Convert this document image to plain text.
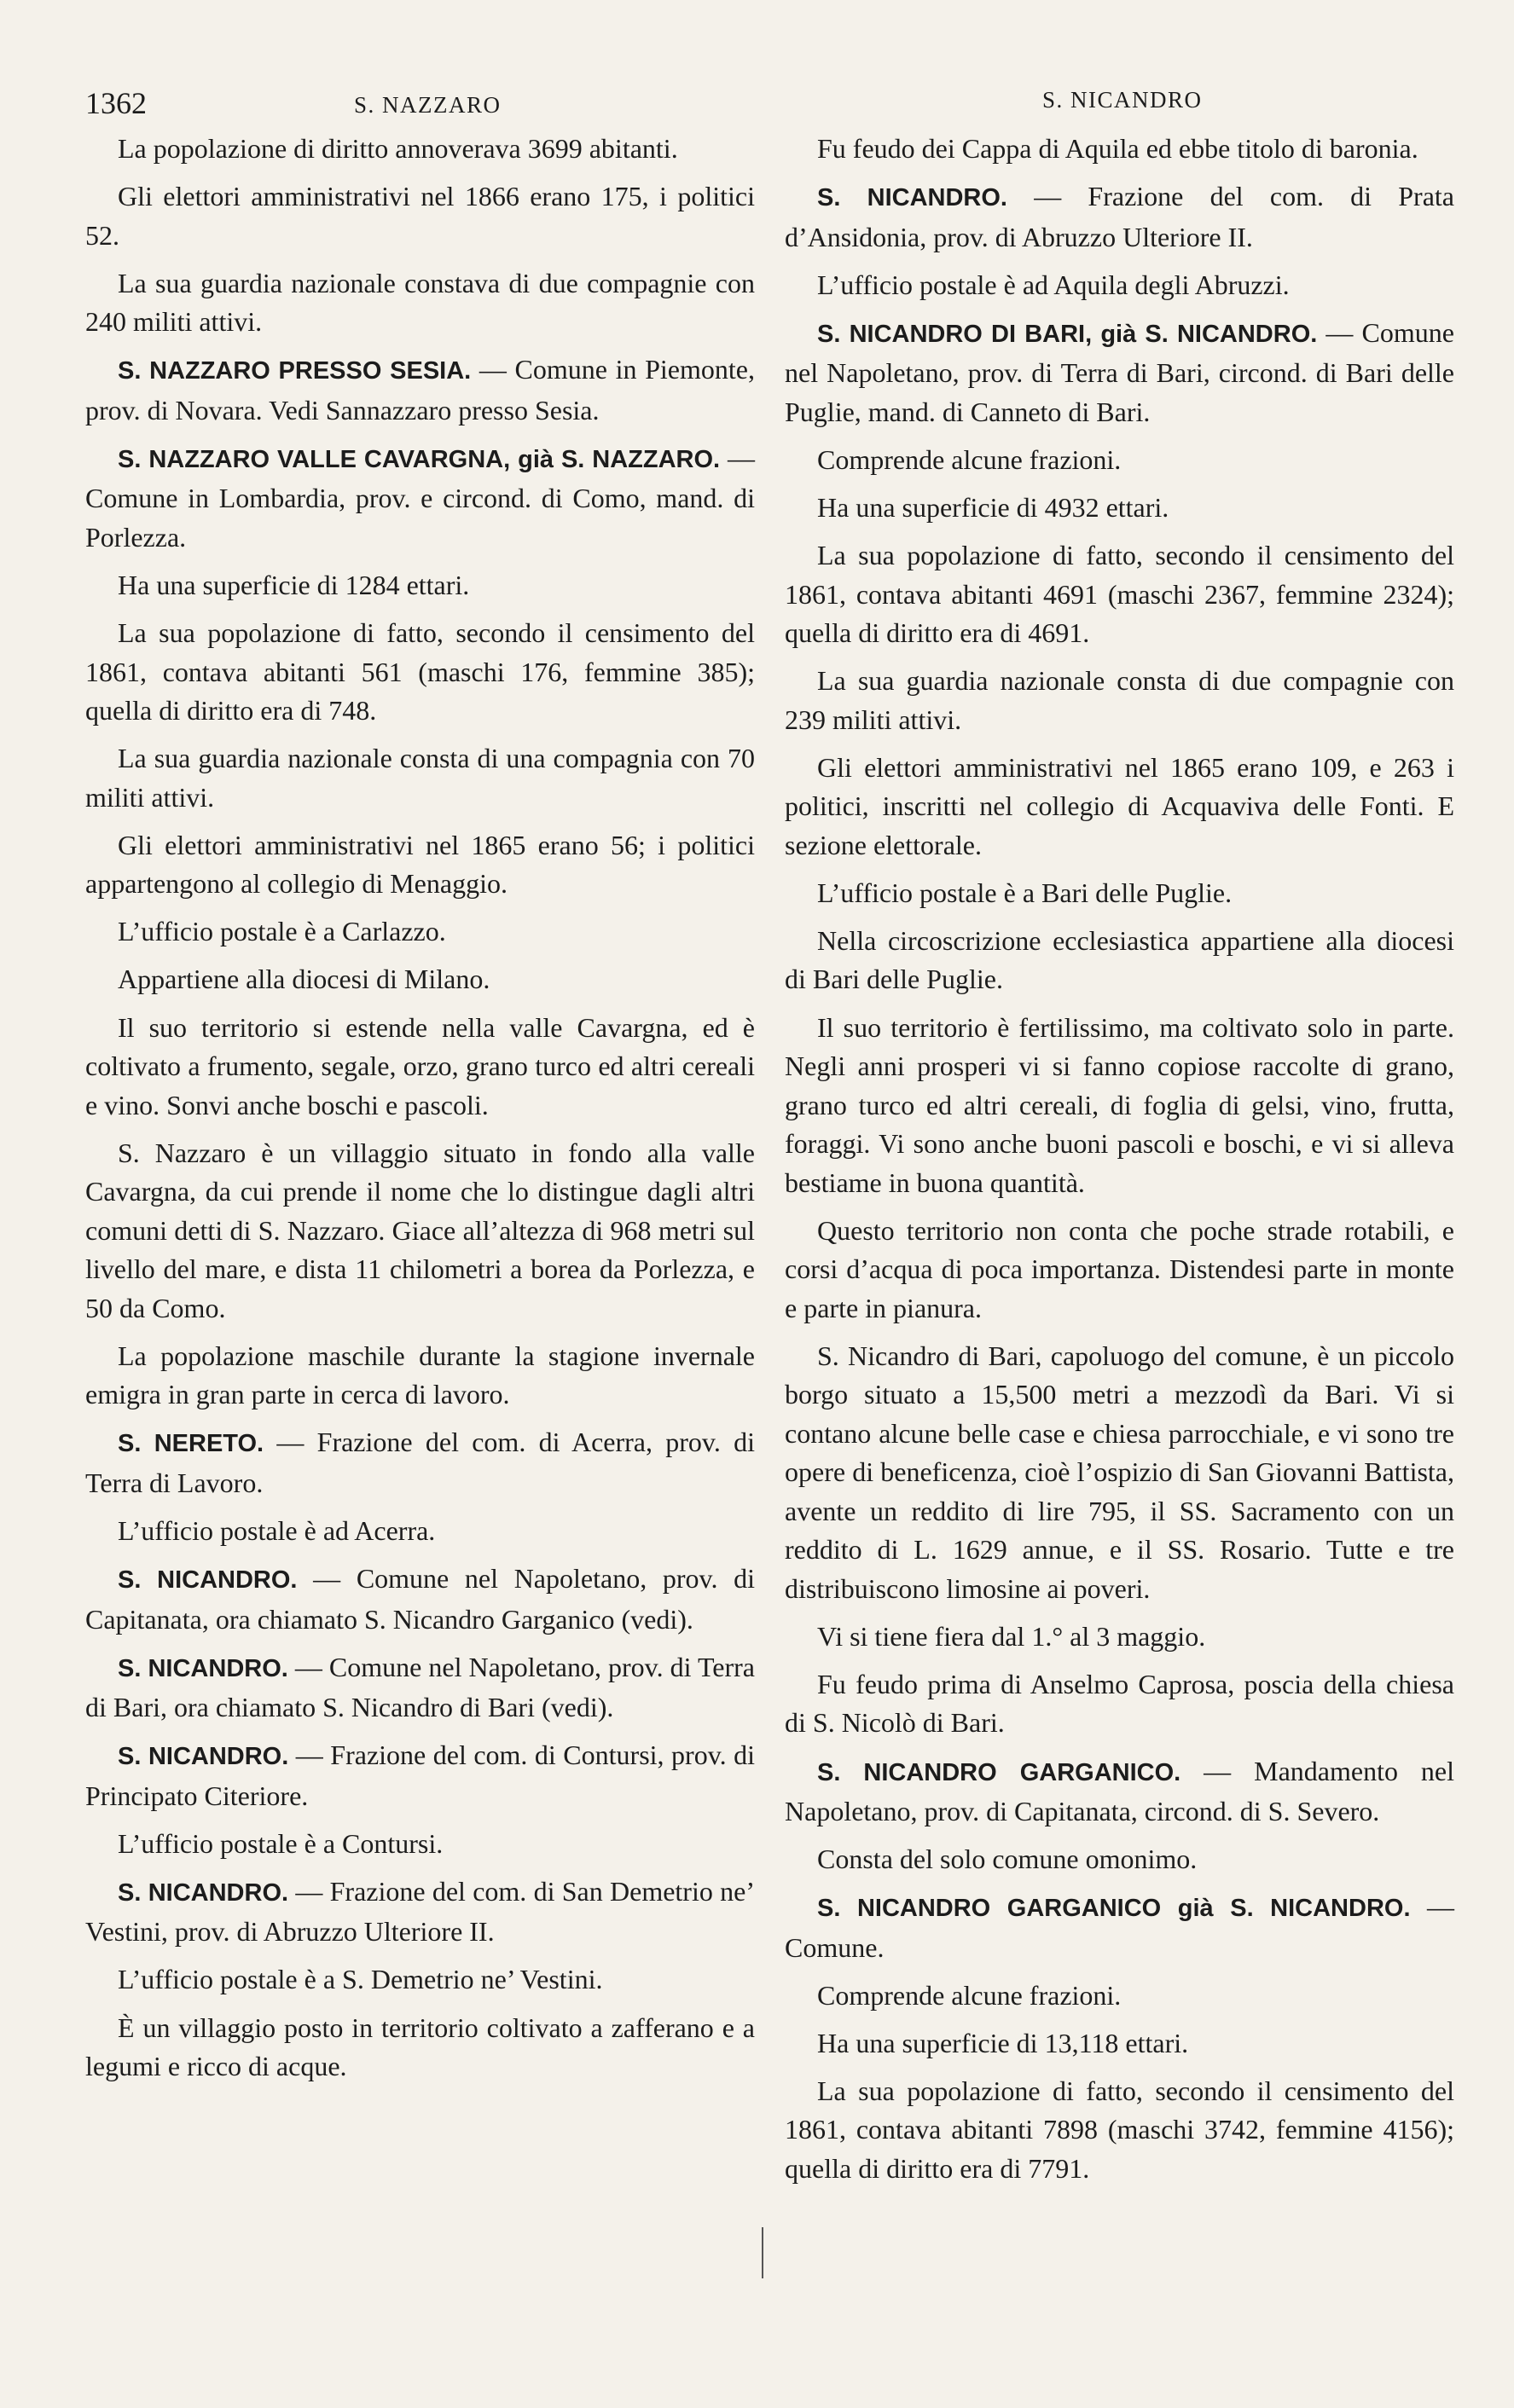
1362	S. NAZZARO	S. NICANDRO

La popolazione di diritto annoverava 3699 abitanti.

Gli elettori amministrativi nel 1866 erano 175, i politici 52.

La sua guardia nazionale constava di due compagnie con 240 militi attivi.

S. NAZZARO PRESSO SESIA. — Comune in Piemonte, prov. di Novara. Vedi Sannazzaro presso Sesia.

S. NAZZARO VALLE CAVARGNA, già S. NAZZARO. — Comune in Lombardia, prov. e circond. di Como, mand. di Porlezza.

Ha una superficie di 1284 ettari.

La sua popolazione di fatto, secondo il censimento del 1861, contava abitanti 561 (maschi 176, femmine 385); quella di diritto era di 748.

La sua guardia nazionale consta di una compagnia con 70 militi attivi.

Gli elettori amministrativi nel 1865 erano 56; i politici appartengono al collegio di Menaggio.

L’ufficio postale è a Carlazzo.

Appartiene alla diocesi di Milano.

Il suo territorio si estende nella valle Cavargna, ed è coltivato a frumento, segale, orzo, grano turco ed altri cereali e vino. Sonvi anche boschi e pascoli.

S. Nazzaro è un villaggio situato in fondo alla valle Cavargna, da cui prende il nome che lo distingue dagli altri comuni detti di S. Nazzaro. Giace all’altezza di 968 metri sul livello del mare, e dista 11 chilometri a borea da Porlezza, e 50 da Como.

La popolazione maschile durante la stagione invernale emigra in gran parte in cerca di lavoro.

S. NERETO. — Frazione del com. di Acerra, prov. di Terra di Lavoro.

L’ufficio postale è ad Acerra.

S. NICANDRO. — Comune nel Napoletano, prov. di Capitanata, ora chiamato S. Nicandro Garganico (vedi).

S. NICANDRO. — Comune nel Napoletano, prov. di Terra di Bari, ora chiamato S. Nicandro di Bari (vedi).

S. NICANDRO. — Frazione del com. di Contursi, prov. di Principato Citeriore.

L’ufficio postale è a Contursi.

S. NICANDRO. — Frazione del com. di San Demetrio ne’ Vestini, prov. di Abruzzo Ulteriore II.

L’ufficio postale è a S. Demetrio ne’ Vestini.

È un villaggio posto in territorio coltivato a zafferano e a legumi e ricco di acque.

Fu feudo dei Cappa di Aquila ed ebbe titolo di baronia.

S. NICANDRO. — Frazione del com. di Prata d’Ansidonia, prov. di Abruzzo Ulteriore II.

L’ufficio postale è ad Aquila degli Abruzzi.

S. NICANDRO DI BARI, già S. NICANDRO. — Comune nel Napoletano, prov. di Terra di Bari, circond. di Bari delle Puglie, mand. di Canneto di Bari.

Comprende alcune frazioni.

Ha una superficie di 4932 ettari.

La sua popolazione di fatto, secondo il censimento del 1861, contava abitanti 4691 (maschi 2367, femmine 2324); quella di diritto era di 4691.

La sua guardia nazionale consta di due compagnie con 239 militi attivi.

Gli elettori amministrativi nel 1865 erano 109, e 263 i politici, inscritti nel collegio di Acquaviva delle Fonti. E sezione elettorale.

L’ufficio postale è a Bari delle Puglie.

Nella circoscrizione ecclesiastica appartiene alla diocesi di Bari delle Puglie.

Il suo territorio è fertilissimo, ma coltivato solo in parte. Negli anni prosperi vi si fanno copiose raccolte di grano, grano turco ed altri cereali, di foglia di gelsi, vino, frutta, foraggi. Vi sono anche buoni pascoli e boschi, e vi si alleva bestiame in buona quantità.

Questo territorio non conta che poche strade rotabili, e corsi d’acqua di poca importanza. Distendesi parte in monte e parte in pianura.

S. Nicandro di Bari, capoluogo del comune, è un piccolo borgo situato a 15,500 metri a mezzodì da Bari. Vi si contano alcune belle case e chiesa parrocchiale, e vi sono tre opere di beneficenza, cioè l’ospizio di San Giovanni Battista, avente un reddito di lire 795, il SS. Sacramento con un reddito di L. 1629 annue, e il SS. Rosario. Tutte e tre distribuiscono limosine ai poveri.

Vi si tiene fiera dal 1.° al 3 maggio.

Fu feudo prima di Anselmo Caprosa, poscia della chiesa di S. Nicolò di Bari.

S. NICANDRO GARGANICO. — Mandamento nel Napoletano, prov. di Capitanata, circond. di S. Severo.

Consta del solo comune omonimo.

S. NICANDRO GARGANICO già S. NICANDRO. — Comune.

Comprende alcune frazioni.

Ha una superficie di 13,118 ettari.

La sua popolazione di fatto, secondo il censimento del 1861, contava abitanti 7898 (maschi 3742, femmine 4156); quella di diritto era di 7791.
